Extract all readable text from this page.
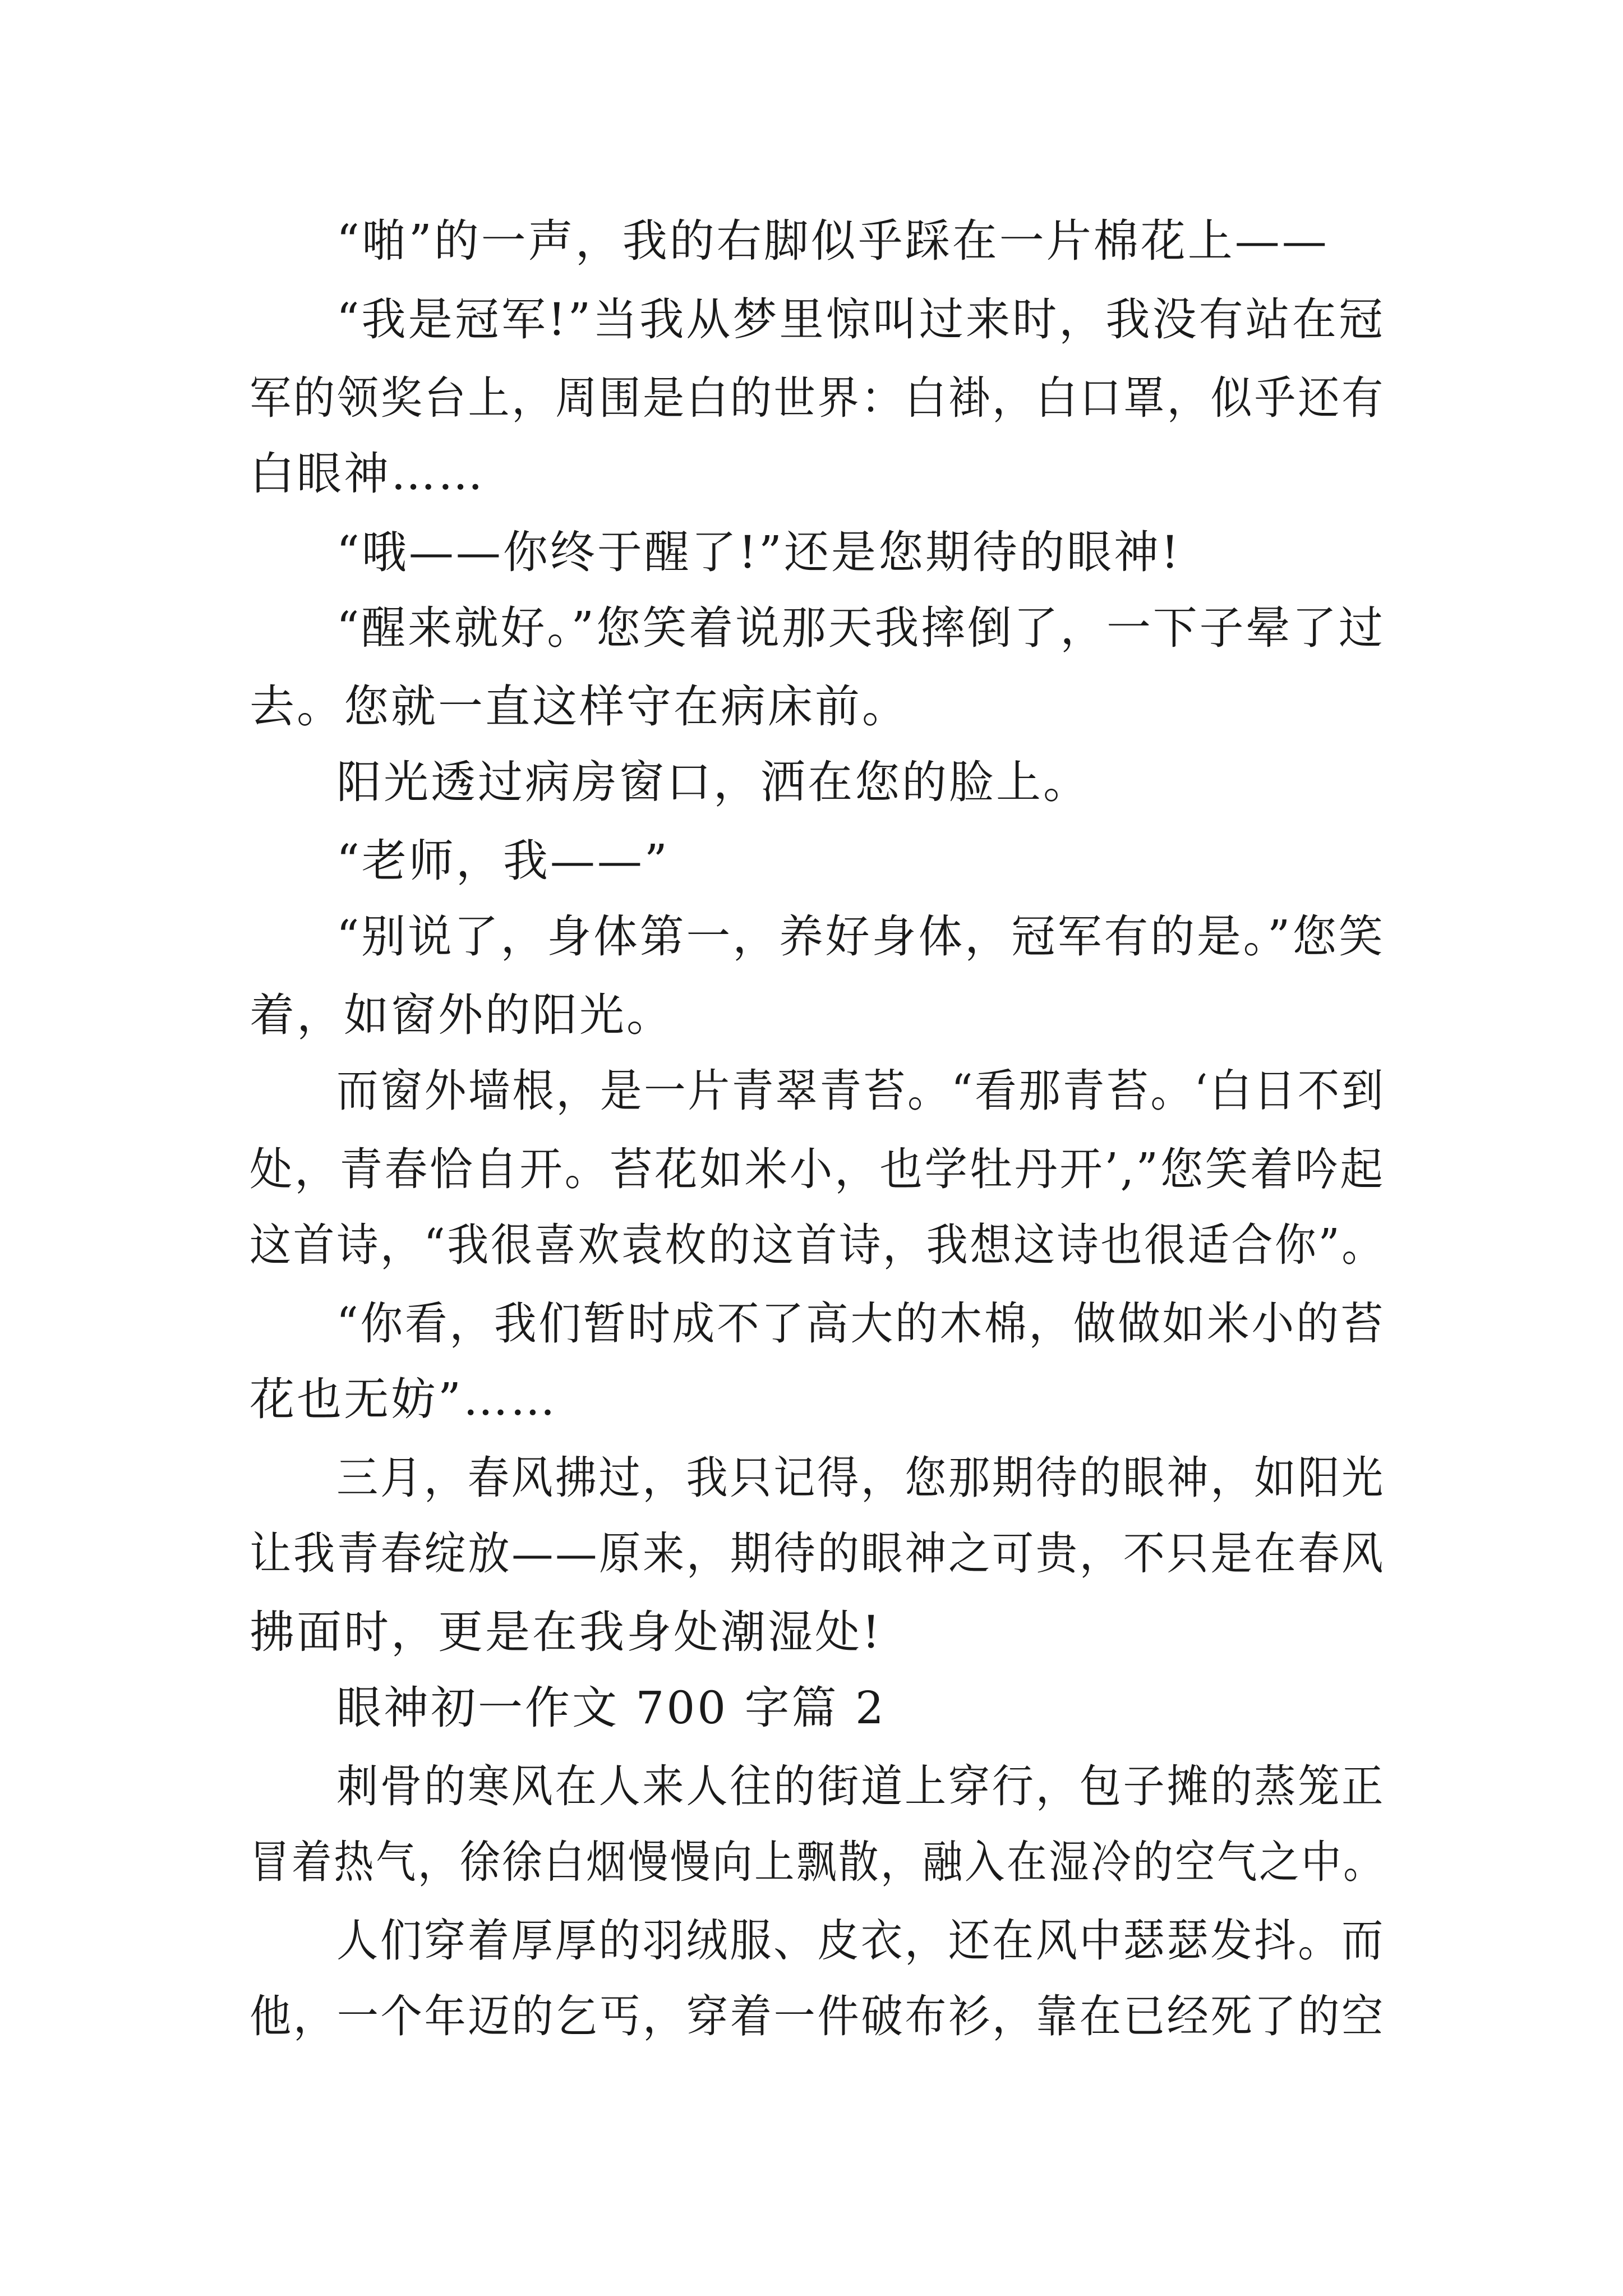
“啪”的一声，我的右脚似乎踩在一片棉花上——

“我是冠军!”当我从梦里惊叫过来时，我没有站在冠

军的领奖台上，周围是白的世界：白褂，白口罩，似乎还有

白眼神……

“哦——你终于醒了!”还是您期待的眼神!

“醒来就好。”您笑着说那天我摔倒了，一下子晕了过

去。您就一直这样守在病床前。

阳光透过病房窗口，洒在您的脸上。

“老师，我——”

“别说了，身体第一，养好身体，冠军有的是。”您笑

着，如窗外的阳光。

而窗外墙根，是一片青翠青苔。“看那青苔。‘白日不到

处，青春恰自开。苔花如米小，也学牡丹开’,”您笑着吟起

这首诗，“我很喜欢袁枚的这首诗，我想这诗也很适合你”。

“你看，我们暂时成不了高大的木棉，做做如米小的苔

花也无妨”……

三月，春风拂过，我只记得，您那期待的眼神，如阳光

让我青春绽放——原来，期待的眼神之可贵，不只是在春风

拂面时，更是在我身处潮湿处!

眼神初一作文 700 字篇 2

刺骨的寒风在人来人往的街道上穿行，包子摊的蒸笼正

冒着热气，徐徐白烟慢慢向上飘散，融入在湿冷的空气之中。

人们穿着厚厚的羽绒服、皮衣，还在风中瑟瑟发抖。而

他，一个年迈的乞丐，穿着一件破布衫，靠在已经死了的空
